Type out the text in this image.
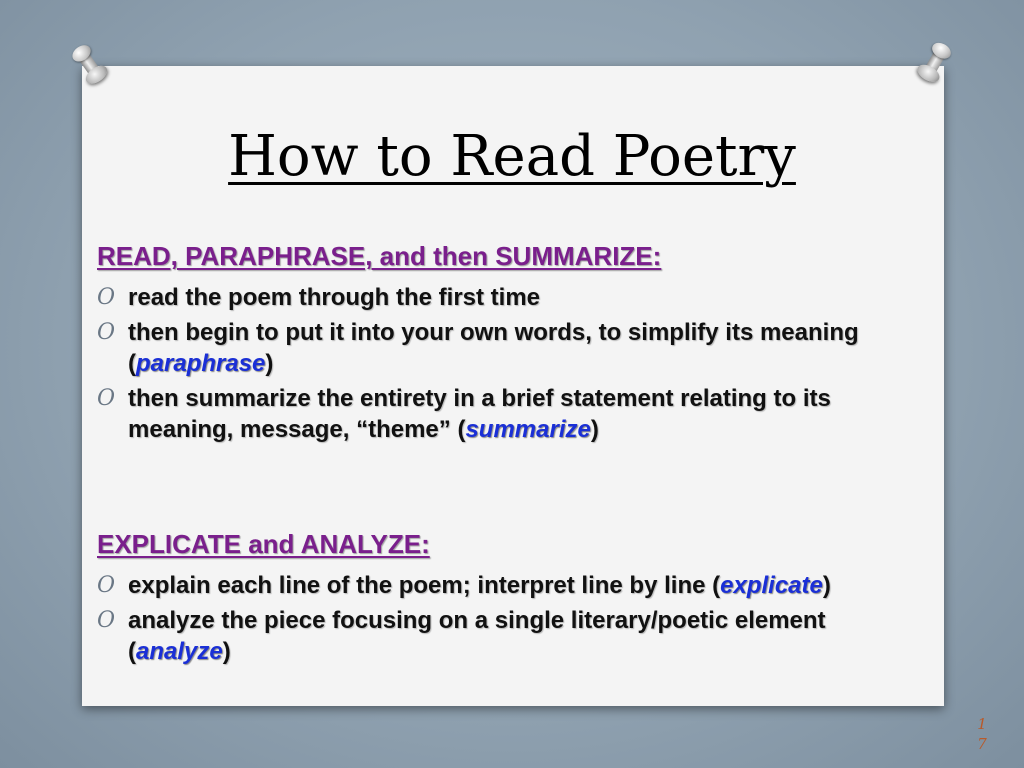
How to Read Poetry
READ, PARAPHRASE, and then SUMMARIZE:
O read the poem through the first time
O then begin to put it into your own words, to simplify its meaning (paraphrase)
O then summarize the entirety in a brief statement relating to its meaning, message, “theme” (summarize)
EXPLICATE and ANALYZE:
O explain each line of the poem; interpret line by line (explicate)
O analyze the piece focusing on a single literary/poetic element (analyze)
1
7
